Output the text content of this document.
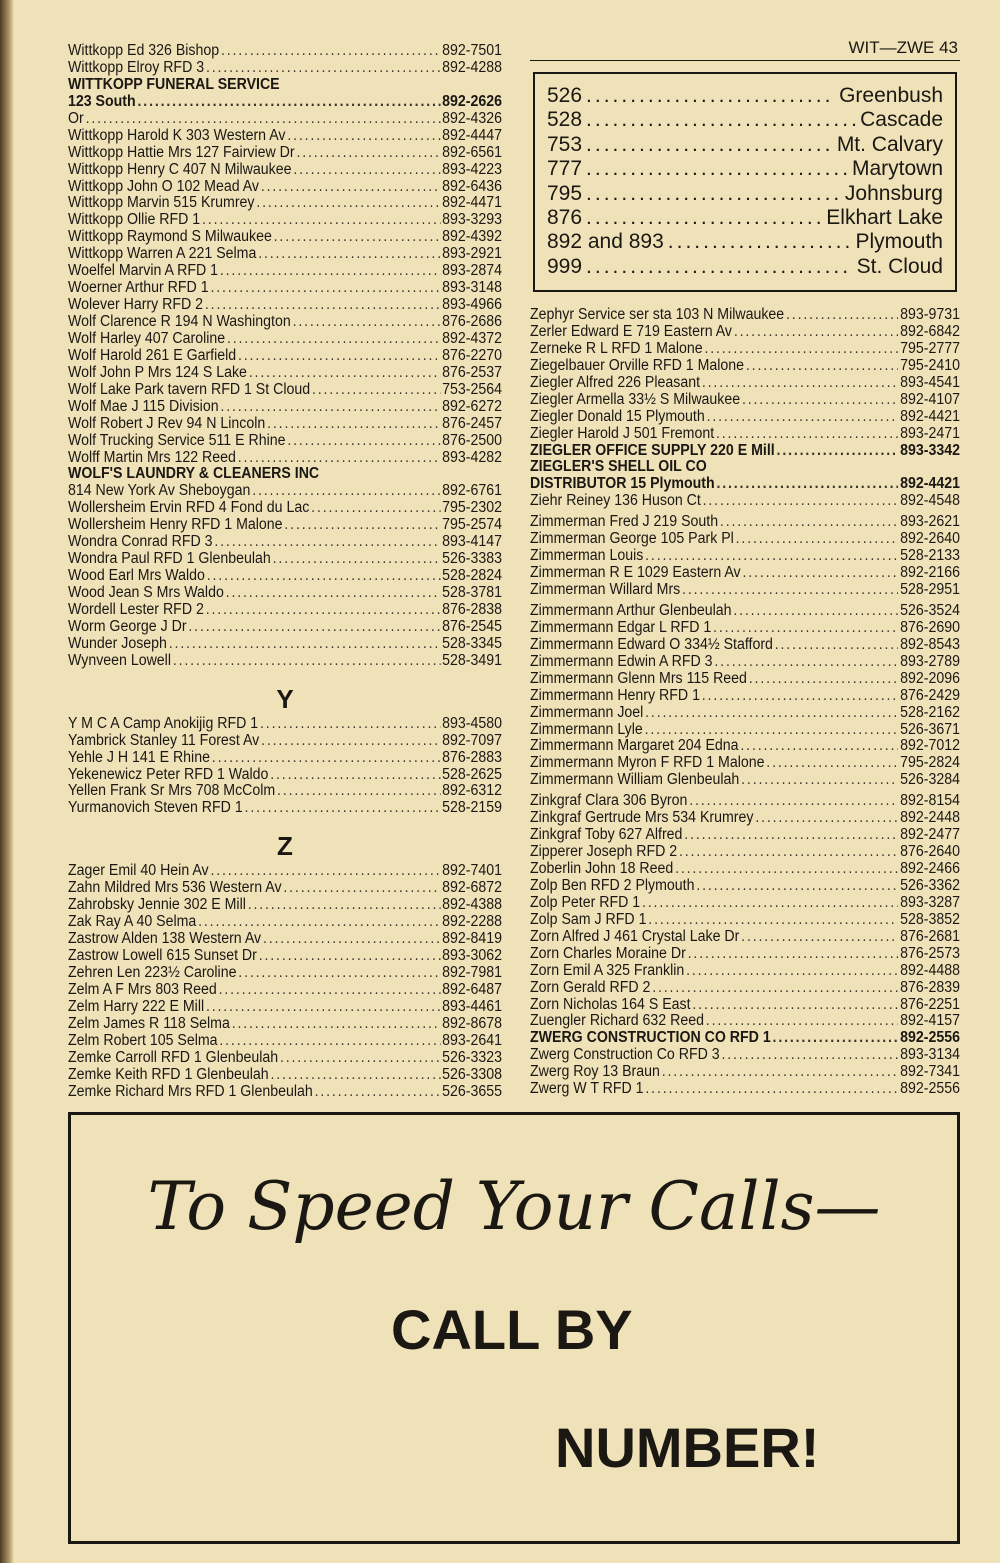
WIT—ZWE 43
526 .....	Greenbush
528 .....	Cascade
753 .....	Mt. Calvary
777 .....	Marytown
795 .....	Johnsburg
876 .....	Elkhart Lake
892 and 893 .....	Plymouth
999 .....	St. Cloud
Wittkopp Ed 326 Bishop .....	892-7501
Wittkopp Elroy RFD 3 .....	892-4288
WITTKOPP FUNERAL SERVICE
123 South .....	892-2626
Or .....	892-4326
Wittkopp Harold K 303 Western Av .....	892-4447
Wittkopp Hattie Mrs 127 Fairview Dr .....	892-6561
Wittkopp Henry C 407 N Milwaukee .....	893-4223
Wittkopp John O 102 Mead Av .....	892-6436
Wittkopp Marvin 515 Krumrey .....	892-4471
Wittkopp Ollie RFD 1 .....	893-3293
Wittkopp Raymond S Milwaukee .....	892-4392
Wittkopp Warren A 221 Selma .....	893-2921
Woelfel Marvin A RFD 1 .....	893-2874
Woerner Arthur RFD 1 .....	893-3148
Wolever Harry RFD 2 .....	893-4966
Wolf Clarence R 194 N Washington .....	876-2686
Wolf Harley 407 Caroline .....	892-4372
Wolf Harold 261 E Garfield .....	876-2270
Wolf John P Mrs 124 S Lake .....	876-2537
Wolf Lake Park tavern RFD 1 St Cloud .....	753-2564
Wolf Mae J 115 Division .....	892-6272
Wolf Robert J Rev 94 N Lincoln .....	876-2457
Wolf Trucking Service 511 E Rhine .....	876-2500
Wolff Martin Mrs 122 Reed .....	893-4282
WOLF'S LAUNDRY & CLEANERS INC
814 New York Av Sheboygan .....	892-6761
Wollersheim Ervin RFD 4 Fond du Lac .....	795-2302
Wollersheim Henry RFD 1 Malone .....	795-2574
Wondra Conrad RFD 3 .....	893-4147
Wondra Paul RFD 1 Glenbeulah .....	526-3383
Wood Earl Mrs Waldo .....	528-2824
Wood Jean S Mrs Waldo .....	528-3781
Wordell Lester RFD 2 .....	876-2838
Worm George J Dr .....	876-2545
Wunder Joseph .....	528-3345
Wynveen Lowell .....	528-3491
Y
Y M C A Camp Anokijig RFD 1 .....	893-4580
Yambrick Stanley 11 Forest Av .....	892-7097
Yehle J H 141 E Rhine .....	876-2883
Yekenewicz Peter RFD 1 Waldo .....	528-2625
Yellen Frank Sr Mrs 708 McColm .....	892-6312
Yurmanovich Steven RFD 1 .....	528-2159
Z
Zager Emil 40 Hein Av .....	892-7401
Zahn Mildred Mrs 536 Western Av .....	892-6872
Zahrobsky Jennie 302 E Mill .....	892-4388
Zak Ray A 40 Selma .....	892-2288
Zastrow Alden 138 Western Av .....	892-8419
Zastrow Lowell 615 Sunset Dr .....	893-3062
Zehren Len 223½ Caroline .....	892-7981
Zelm A F Mrs 803 Reed .....	892-6487
Zelm Harry 222 E Mill .....	893-4461
Zelm James R 118 Selma .....	892-8678
Zelm Robert 105 Selma .....	893-2641
Zemke Carroll RFD 1 Glenbeulah .....	526-3323
Zemke Keith RFD 1 Glenbeulah .....	526-3308
Zemke Richard Mrs RFD 1 Glenbeulah .....	526-3655
Zephyr Service ser sta 103 N Milwaukee .....	893-9731
Zerler Edward E 719 Eastern Av .....	892-6842
Zerneke R L RFD 1 Malone .....	795-2777
Ziegelbauer Orville RFD 1 Malone .....	795-2410
Ziegler Alfred 226 Pleasant .....	893-4541
Ziegler Armella 33½ S Milwaukee .....	892-4107
Ziegler Donald 15 Plymouth .....	892-4421
Ziegler Harold J 501 Fremont .....	893-2471
ZIEGLER OFFICE SUPPLY 220 E Mill .....	893-3342
ZIEGLER'S SHELL OIL CO
DISTRIBUTOR 15 Plymouth .....	892-4421
Ziehr Reiney 136 Huson Ct .....	892-4548
Zimmerman Fred J 219 South .....	893-2621
Zimmerman George 105 Park Pl .....	892-2640
Zimmerman Louis .....	528-2133
Zimmerman R E 1029 Eastern Av .....	892-2166
Zimmerman Willard Mrs .....	528-2951
Zimmermann Arthur Glenbeulah .....	526-3524
Zimmermann Edgar L RFD 1 .....	876-2690
Zimmermann Edward O 334½ Stafford .....	892-8543
Zimmermann Edwin A RFD 3 .....	893-2789
Zimmermann Glenn Mrs 115 Reed .....	892-2096
Zimmermann Henry RFD 1 .....	876-2429
Zimmermann Joel .....	528-2162
Zimmermann Lyle .....	526-3671
Zimmermann Margaret 204 Edna .....	892-7012
Zimmermann Myron F RFD 1 Malone .....	795-2824
Zimmermann William Glenbeulah .....	526-3284
Zinkgraf Clara 306 Byron .....	892-8154
Zinkgraf Gertrude Mrs 534 Krumrey .....	892-2448
Zinkgraf Toby 627 Alfred .....	892-2477
Zipperer Joseph RFD 2 .....	876-2640
Zoberlin John 18 Reed .....	892-2466
Zolp Ben RFD 2 Plymouth .....	526-3362
Zolp Peter RFD 1 .....	893-3287
Zolp Sam J RFD 1 .....	528-3852
Zorn Alfred J 461 Crystal Lake Dr .....	876-2681
Zorn Charles Moraine Dr .....	876-2573
Zorn Emil A 325 Franklin .....	892-4488
Zorn Gerald RFD 2 .....	876-2839
Zorn Nicholas 164 S East .....	876-2251
Zuengler Richard 632 Reed .....	892-4157
ZWERG CONSTRUCTION CO RFD 1 .....	892-2556
Zwerg Construction Co RFD 3 .....	893-3134
Zwerg Roy 13 Braun .....	892-7341
Zwerg W T RFD 1 .....	892-2556
To Speed Your Calls—
CALL BY
NUMBER!
